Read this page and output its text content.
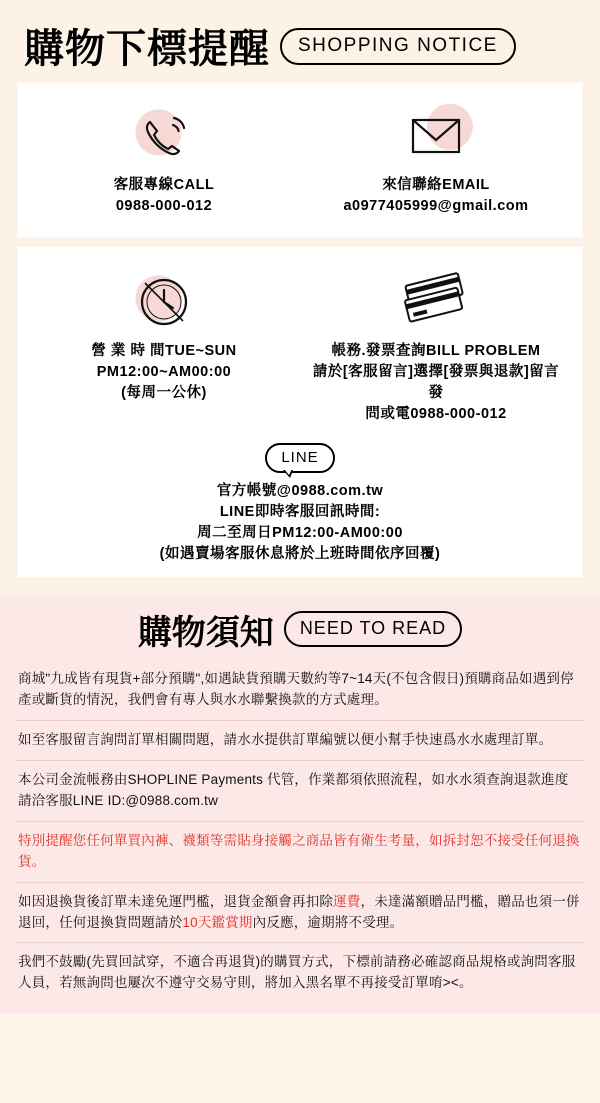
購物下標提醒	SHOPPING NOTICE
客服專線CALL
0988-000-012
來信聯絡EMAIL
a0977405999@gmail.com
營 業 時 間TUE~SUN
PM12:00~AM00:00
(每周一公休)
帳務.發票查詢BILL PROBLEM
請於[客服留言]選擇[發票與退款]留言發
問或電0988-000-012
LINE
官方帳號@0988.com.tw
LINE即時客服回訊時間:
周二至周日PM12:00-AM00:00
(如遇賣場客服休息將於上班時間依序回覆)
購物須知	NEED TO READ
商城"九成皆有現貨+部分預購",如遇缺貨預購天數約等7~14天(不包含假日)預購商品如遇到停產或斷貨的情況，我們會有專人與水水聯繫換款的方式處理。
如至客服留言詢問訂單相關問題，請水水提供訂單編號以便小幫手快速爲水水處理訂單。
本公司金流帳務由SHOPLINE Payments 代管，作業都須依照流程，如水水須查詢退款進度請洽客服LINE ID:@0988.com.tw
特別提醒您任何單買內褲、襪類等需貼身接觸之商品皆有衛生考量，如拆封恕不接受任何退換貨。
如因退換貨後訂單未達免運門檻，退貨金額會再扣除運費，未達滿額贈品門檻，贈品也須一併退回，任何退換貨問題請於10天鑑賞期內反應，逾期將不受理。
我們不鼓勵(先買回試穿，不適合再退貨)的購買方式，下標前請務必確認商品規格或詢問客服人員，若無詢問也屢次不遵守交易守則，將加入黑名單不再接受訂單唷><。
